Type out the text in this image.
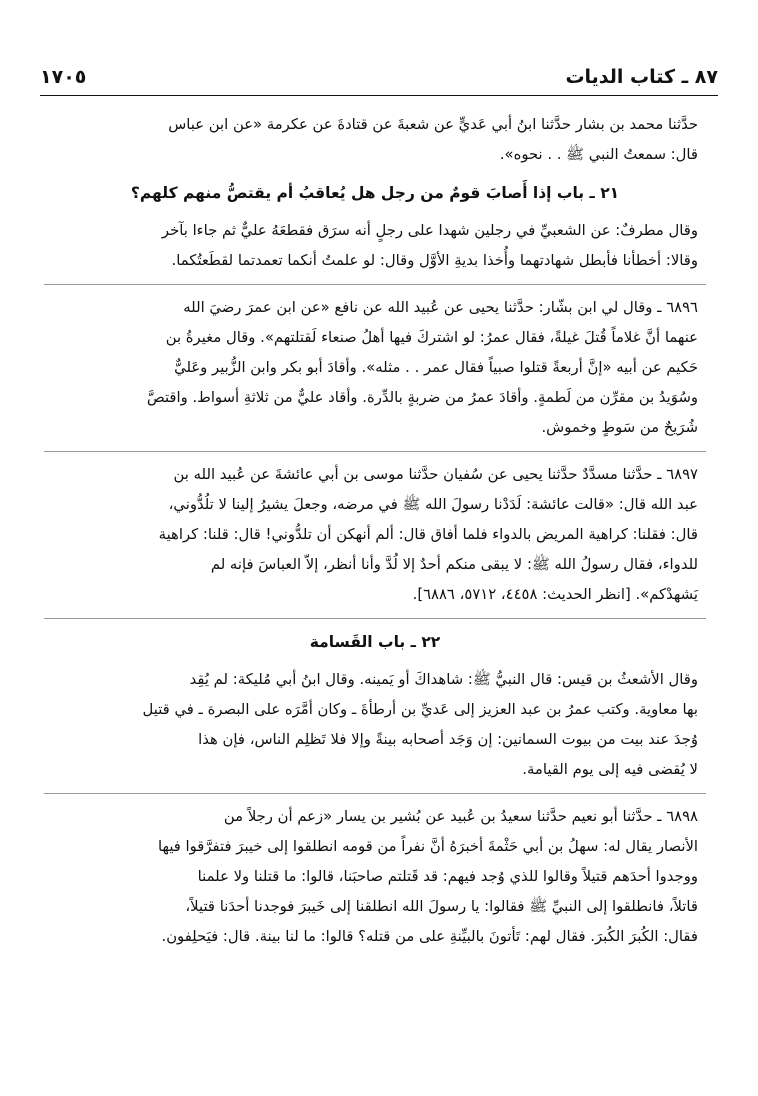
٨٧ ـ كتاب الديات
١٧٠٥
حدَّثنا محمد بن بشار حدَّثنا ابنُ أبي عَديٍّ عن شعبةَ عن قتادةَ عن عكرمة «عن ابن عباس
قال: سمعتُ النبي ﷺ . . نحوه».
٢١ ـ باب إذا أَصابَ قومٌ من رجل هل يُعاقبُ أم يقتصُّ منهم كلهم؟
وقال مطرفٌ: عن الشعبيِّ في رجلين شهدا على رجلٍ أنه سرَق فقطعَهُ عليٌّ ثم جاءا بآخر
وقالا: أخطأنا فأبطل شهادتهما وأُخذا بديةِ الأوَّل وقال: لو علمتُ أنكما تعمدتما لقطَعتُكما.
٦٨٩٦ ـ وقال لي ابن بشّار: حدَّثنا يحيى عن عُبيد الله عن نافع «عن ابن عمرَ رضيَ الله
عنهما أنَّ غلاماً قُتلَ غيلةً، فقال عمرُ: لو اشتركَ فيها أهلُ صنعاء لَقتلتهم». وقال مغيرةُ بن
حَكيم عن أبيه «إنَّ أربعةً قتلوا صبياً فقال عمر . . مثله». وأقادَ أبو بكر وابن الزُّبير وعَليٌّ
وسُوَيدُ بن مقرِّن من لَطمةٍ. وأقادَ عمرُ من ضربةٍ بالدِّرة. وأقاد عليٌّ من ثلاثةِ أسواط. واقتصَّ
شُرَيحٌ من سَوطٍ وخموش.
٦٨٩٧ ـ حدَّثنا مسدَّدٌ حدَّثنا يحيى عن سُفيان حدَّثنا موسى بن أبي عائشةَ عن عُبيد الله بن
عبد الله قال: «قالت عائشة: لَدَدْنا رسولَ الله ﷺ في مرضه، وجعلَ يشيرُ إلينا لا تلُدُّوني،
قال: فقلنا: كراهية المريض بالدواء فلما أفاق قال: ألم أنهكن أن تلدُّوني! قال: قلنا: كراهية
للدواء، فقال رسولُ الله ﷺ: لا يبقى منكم أحدٌ إلا لُدَّ وأنا أنظر، إلاّ العباسَ فإنه لم
يَشهدْكم». [انظر الحديث: ٤٤٥٨، ٥٧١٢، ٦٨٨٦].
٢٢ ـ باب القَسامة
وقال الأشعثُ بن قيس: قال النبيُّ ﷺ: شاهداكَ أو يَمينه. وقال ابنُ أبي مُليكة: لم يُقِد
بها معاوية. وكتب عمرُ بن عبد العزيز إلى عَديِّ بن أرطأةَ ـ وكان أمَّرَه على البصرة ـ في قتيل
وُجدَ عند بيت من بيوت السمانين: إن وَجَد أصحابه بينةً وإلا فلا تَظلِم الناس، فإن هذا
لا يُقضى فيه إلى يوم القيامة.
٦٨٩٨ ـ حدَّثنا أبو نعيم حدَّثنا سعيدُ بن عُبيد عن بُشير بن يسار «زعم أن رجلاً من
الأنصار يقال له: سهلُ بن أبي حَثْمةَ أخبرَهُ أنَّ نفراً من قومه انطلقوا إلى خيبرَ فتفرَّقوا فيها
ووجدوا أحدَهم قتيلاً وقالوا للذي وُجد فيهم: قد قَتلتم صاحبَنا، قالوا: ما قتلنا ولا علمنا
قاتلاً، فانطلقوا إلى النبيِّ ﷺ فقالوا: يا رسولَ الله انطلقنا إلى خَيبرَ فوجدنا أحدَنا قتيلاً،
فقال: الكُبرَ الكُبرَ. فقال لهم: تَأتونَ بالبيِّنةِ على من قتله؟ قالوا: ما لنا بينة. قال: فيَحلِفون.
